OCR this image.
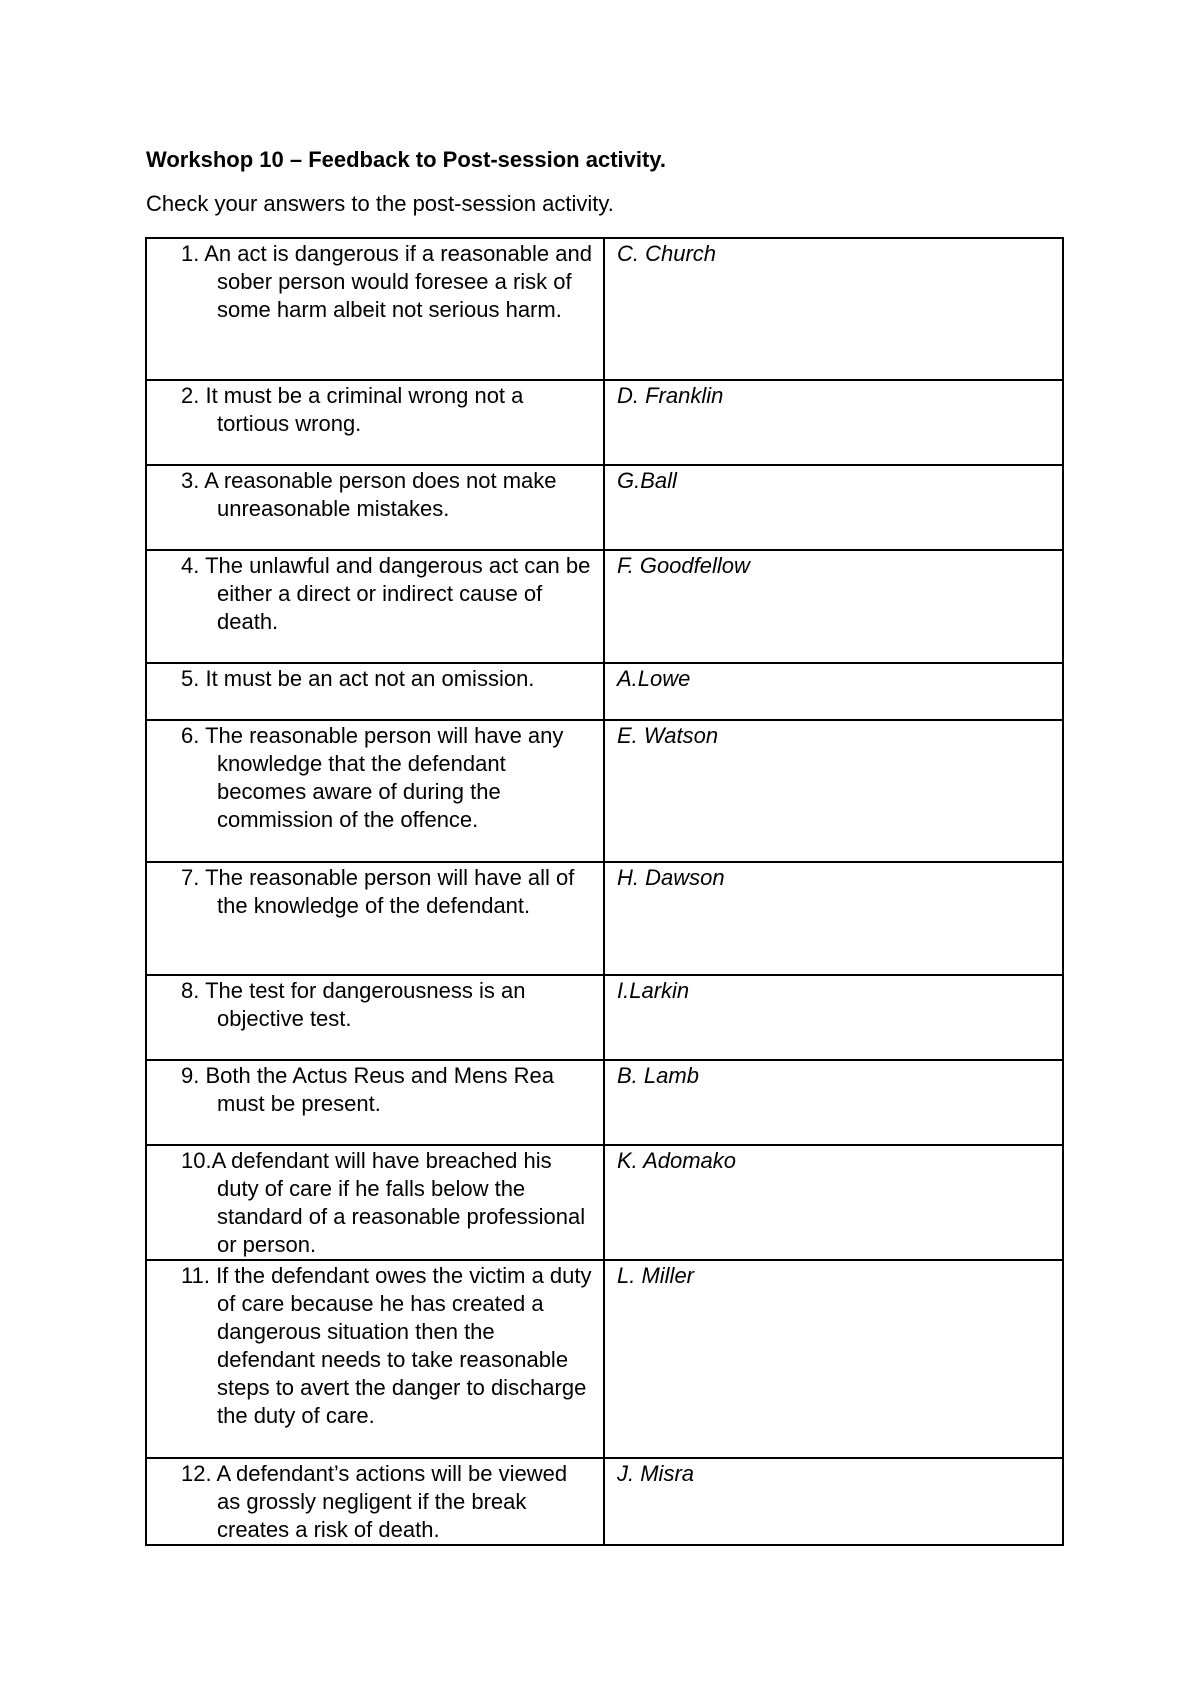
Workshop 10 – Feedback to Post-session activity.
Check your answers to the post-session activity.
1. An act is dangerous if a reasonable and sober person would foresee a risk of some harm albeit not serious harm.	C. Church

2. It must be a criminal wrong not a tortious wrong.	D. Franklin

3. A reasonable person does not make unreasonable mistakes.	G.Ball

4. The unlawful and dangerous act can be either a direct or indirect cause of death.	F. Goodfellow

5. It must be an act not an omission.	A.Lowe

6. The reasonable person will have any knowledge that the defendant becomes aware of during the commission of the offence.	E. Watson

7. The reasonable person will have all of the knowledge of the defendant.	H. Dawson

8. The test for dangerousness is an objective test.	I.Larkin

9. Both the Actus Reus and Mens Rea must be present.	B. Lamb

10.A defendant will have breached his duty of care if he falls below the standard of a reasonable professional or person.	K. Adomako

11. If the defendant owes the victim a duty of care because he has created a dangerous situation then the defendant needs to take reasonable steps to avert the danger to discharge the duty of care.	L. Miller

12. A defendant’s actions will be viewed as grossly negligent if the break creates a risk of death.	J. Misra
